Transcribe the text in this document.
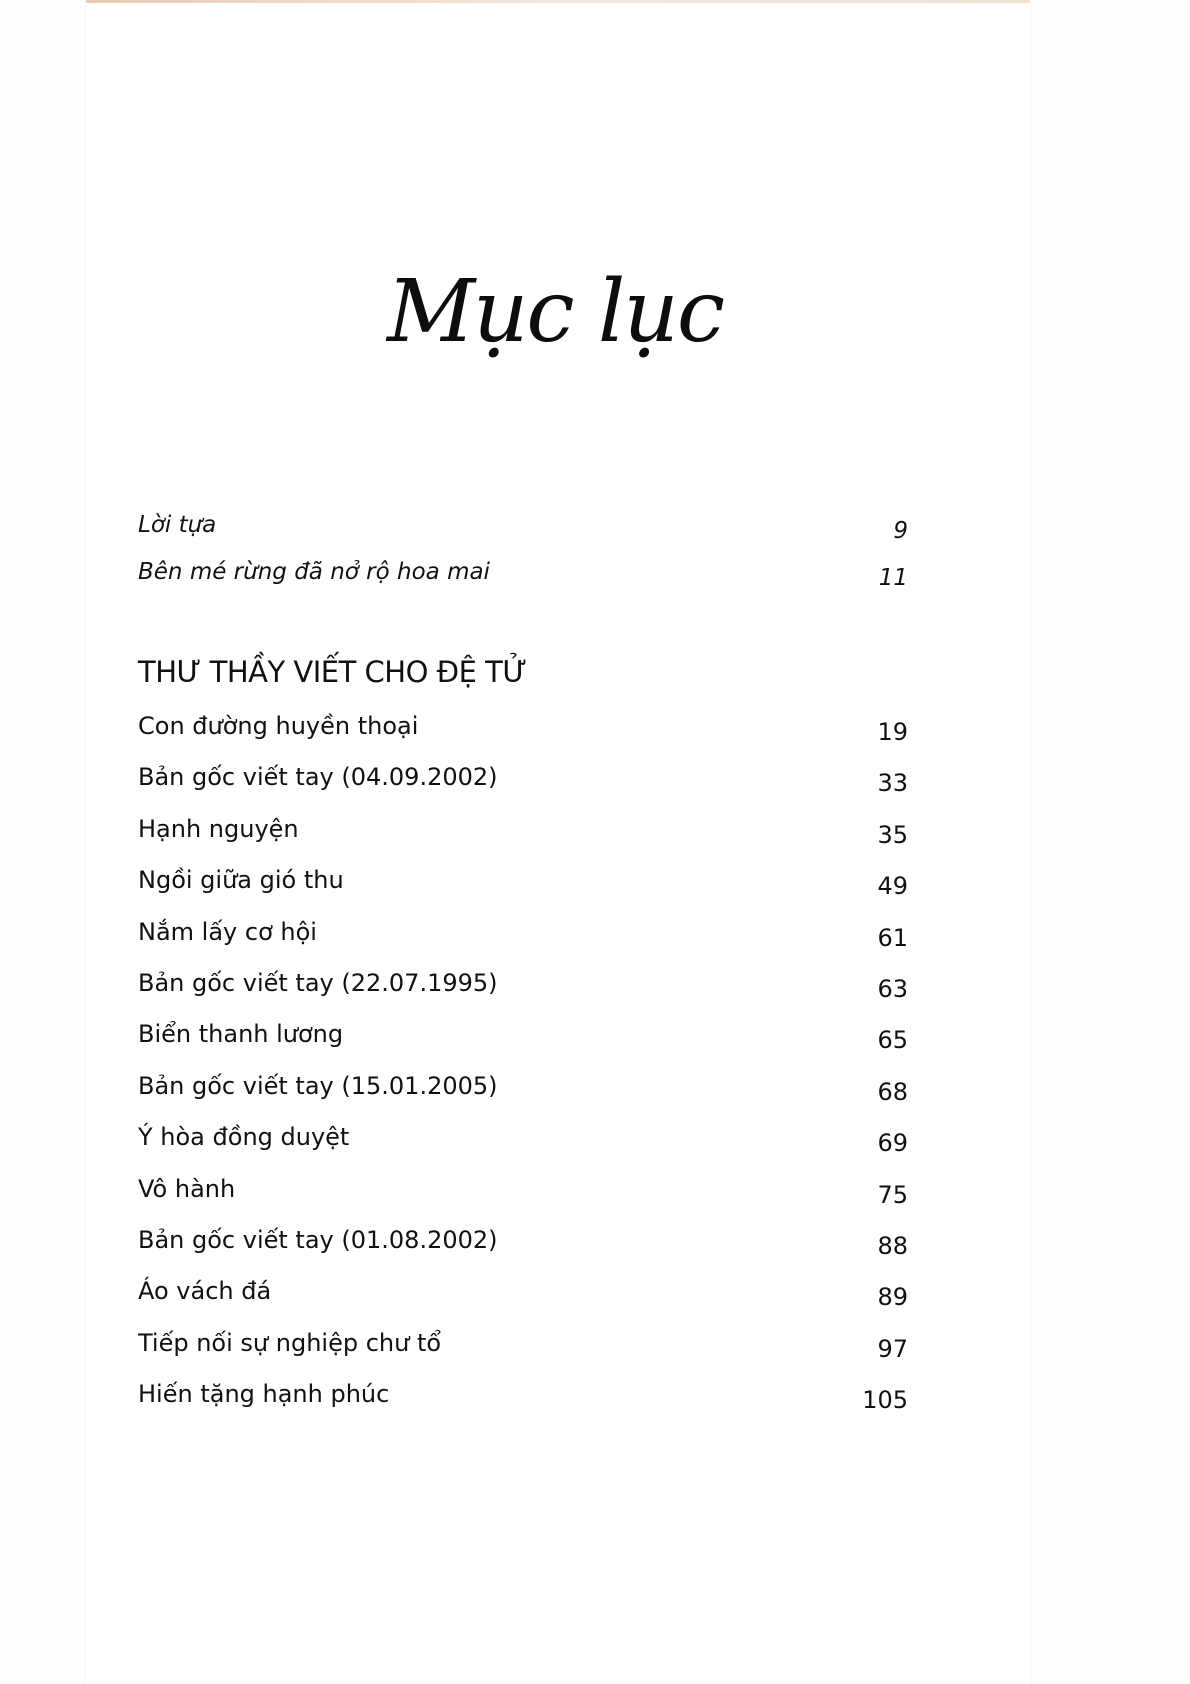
Mục lục
Lời tựa	9
Bên mé rừng đã nở rộ hoa mai	11
THƯ THẦY VIẾT CHO ĐỆ TỬ
Con đường huyền thoại	19
Bản gốc viết tay (04.09.2002)	33
Hạnh nguyện	35
Ngồi giữa gió thu	49
Nắm lấy cơ hội	61
Bản gốc viết tay (22.07.1995)	63
Biển thanh lương	65
Bản gốc viết tay (15.01.2005)	68
Ý hòa đồng duyệt	69
Vô hành	75
Bản gốc viết tay (01.08.2002)	88
Áo vách đá	89
Tiếp nối sự nghiệp chư tổ	97
Hiến tặng hạnh phúc	105
